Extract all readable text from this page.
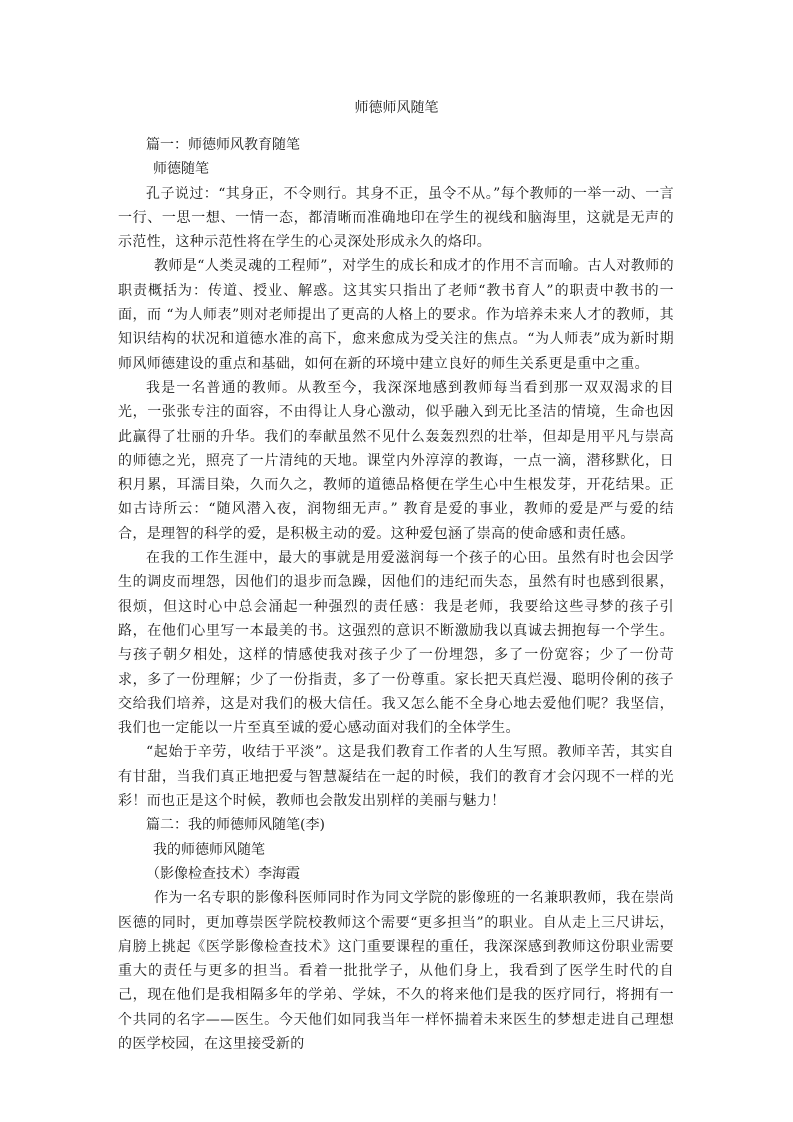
师德师风随笔

篇一：师德师风教育随笔

师德随笔

孔子说过：“其身正，不令则行。其身不正，虽令不从。”每个教师的一举一动、一言一行、一思一想、一情一态，都清晰而准确地印在学生的视线和脑海里，这就是无声的示范性，这种示范性将在学生的心灵深处形成永久的烙印。

教师是“人类灵魂的工程师”，对学生的成长和成才的作用不言而喻。古人对教师的职责概括为：传道、授业、解惑。这其实只指出了老师“教书育人”的职责中教书的一面，而 “为人师表”则对老师提出了更高的人格上的要求。作为培养未来人才的教师，其知识结构的状况和道德水准的高下，愈来愈成为受关注的焦点。“为人师表”成为新时期师风师德建设的重点和基础，如何在新的环境中建立良好的师生关系更是重中之重。

我是一名普通的教师。从教至今，我深深地感到教师每当看到那一双双渴求的目光，一张张专注的面容，不由得让人身心激动，似乎融入到无比圣洁的情境，生命也因此赢得了壮丽的升华。我们的奉献虽然不见什么轰轰烈烈的壮举，但却是用平凡与崇高的师德之光，照亮了一片清纯的天地。课堂内外淳淳的教诲，一点一滴，潜移默化，日积月累，耳濡目染，久而久之，教师的道德品格便在学生心中生根发芽，开花结果。正如古诗所云：“随风潜入夜，润物细无声。” 教育是爱的事业，教师的爱是严与爱的结合，是理智的科学的爱，是积极主动的爱。这种爱包涵了崇高的使命感和责任感。

在我的工作生涯中，最大的事就是用爱滋润每一个孩子的心田。虽然有时也会因学生的调皮而埋怨，因他们的退步而急躁，因他们的违纪而失态，虽然有时也感到很累，很烦，但这时心中总会涌起一种强烈的责任感：我是老师，我要给这些寻梦的孩子引路，在他们心里写一本最美的书。这强烈的意识不断激励我以真诚去拥抱每一个学生。与孩子朝夕相处，这样的情感使我对孩子少了一份埋怨，多了一份宽容；少了一份苛求，多了一份理解；少了一份指责，多了一份尊重。家长把天真烂漫、聪明伶俐的孩子交给我们培养，这是对我们的极大信任。我又怎么能不全身心地去爱他们呢？我坚信，我们也一定能以一片至真至诚的爱心感动面对我们的全体学生。

“起始于辛劳，收结于平淡”。这是我们教育工作者的人生写照。教师辛苦，其实自有甘甜，当我们真正地把爱与智慧凝结在一起的时候，我们的教育才会闪现不一样的光彩！而也正是这个时候，教师也会散发出别样的美丽与魅力！

篇二：我的师德师风随笔(李)

我的师德师风随笔

（影像检查技术）李海霞

作为一名专职的影像科医师同时作为同文学院的影像班的一名兼职教师，我在崇尚医德的同时，更加尊崇医学院校教师这个需要“更多担当”的职业。自从走上三尺讲坛，肩膀上挑起《医学影像检查技术》这门重要课程的重任，我深深感到教师这份职业需要重大的责任与更多的担当。看着一批批学子，从他们身上，我看到了医学生时代的自己，现在他们是我相隔多年的学弟、学妹，不久的将来他们是我的医疗同行，将拥有一个共同的名字——医生。今天他们如同我当年一样怀揣着未来医生的梦想走进自己理想的医学校园，在这里接受新的
